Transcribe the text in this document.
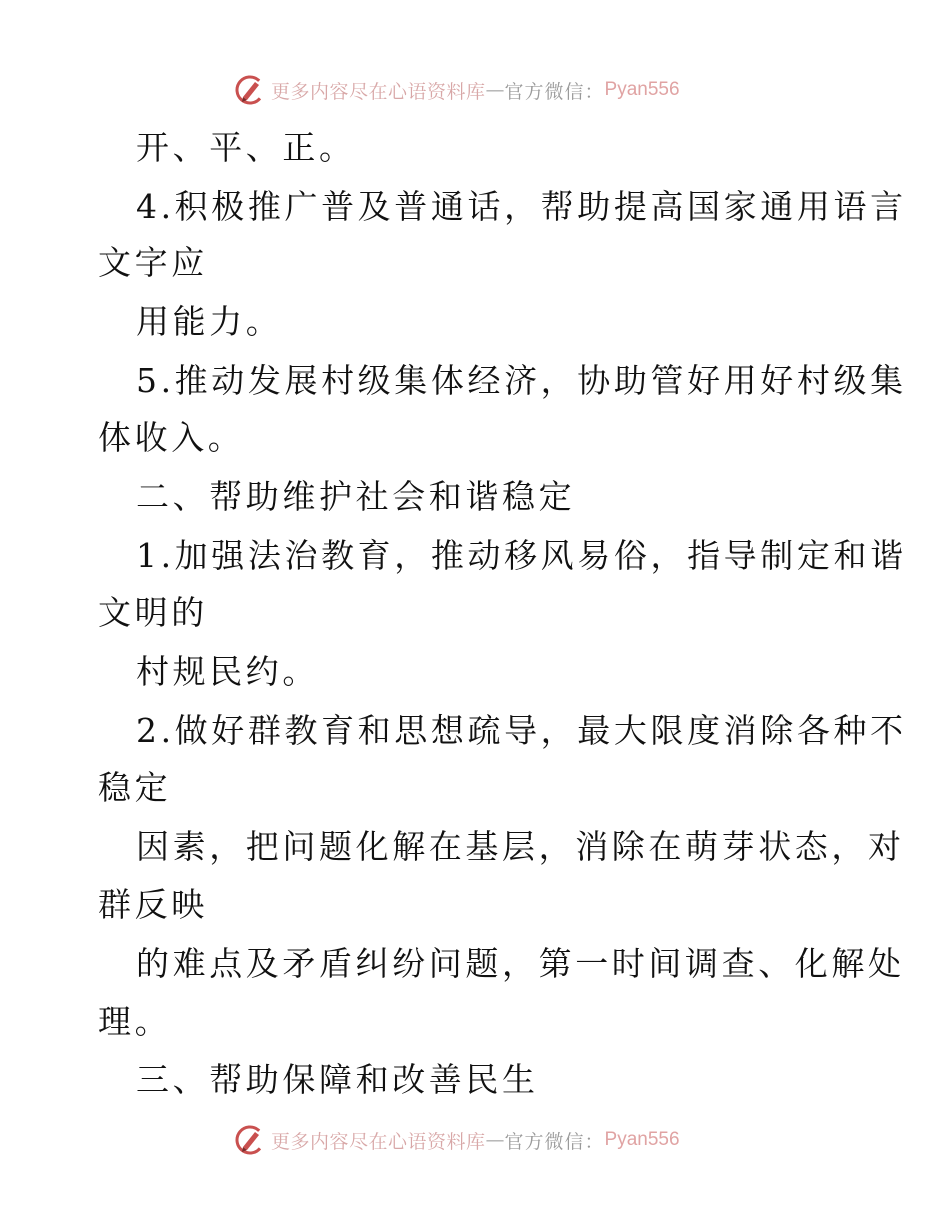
更多内容尽在心语资料库 — 官方微信： Pyan556

开、平、正。

4.积极推广普及普通话，帮助提高国家通用语言

文字应

用能力。

5.推动发展村级集体经济，协助管好用好村级集

体收入。

二、帮助维护社会和谐稳定

1.加强法治教育，推动移风易俗，指导制定和谐

文明的

村规民约。

2.做好群教育和思想疏导，最大限度消除各种不

稳定

因素，把问题化解在基层，消除在萌芽状态，对

群反映

的难点及矛盾纠纷问题，第一时间调查、化解处

理。

三、帮助保障和改善民生

更多内容尽在心语资料库 — 官方微信： Pyan556
